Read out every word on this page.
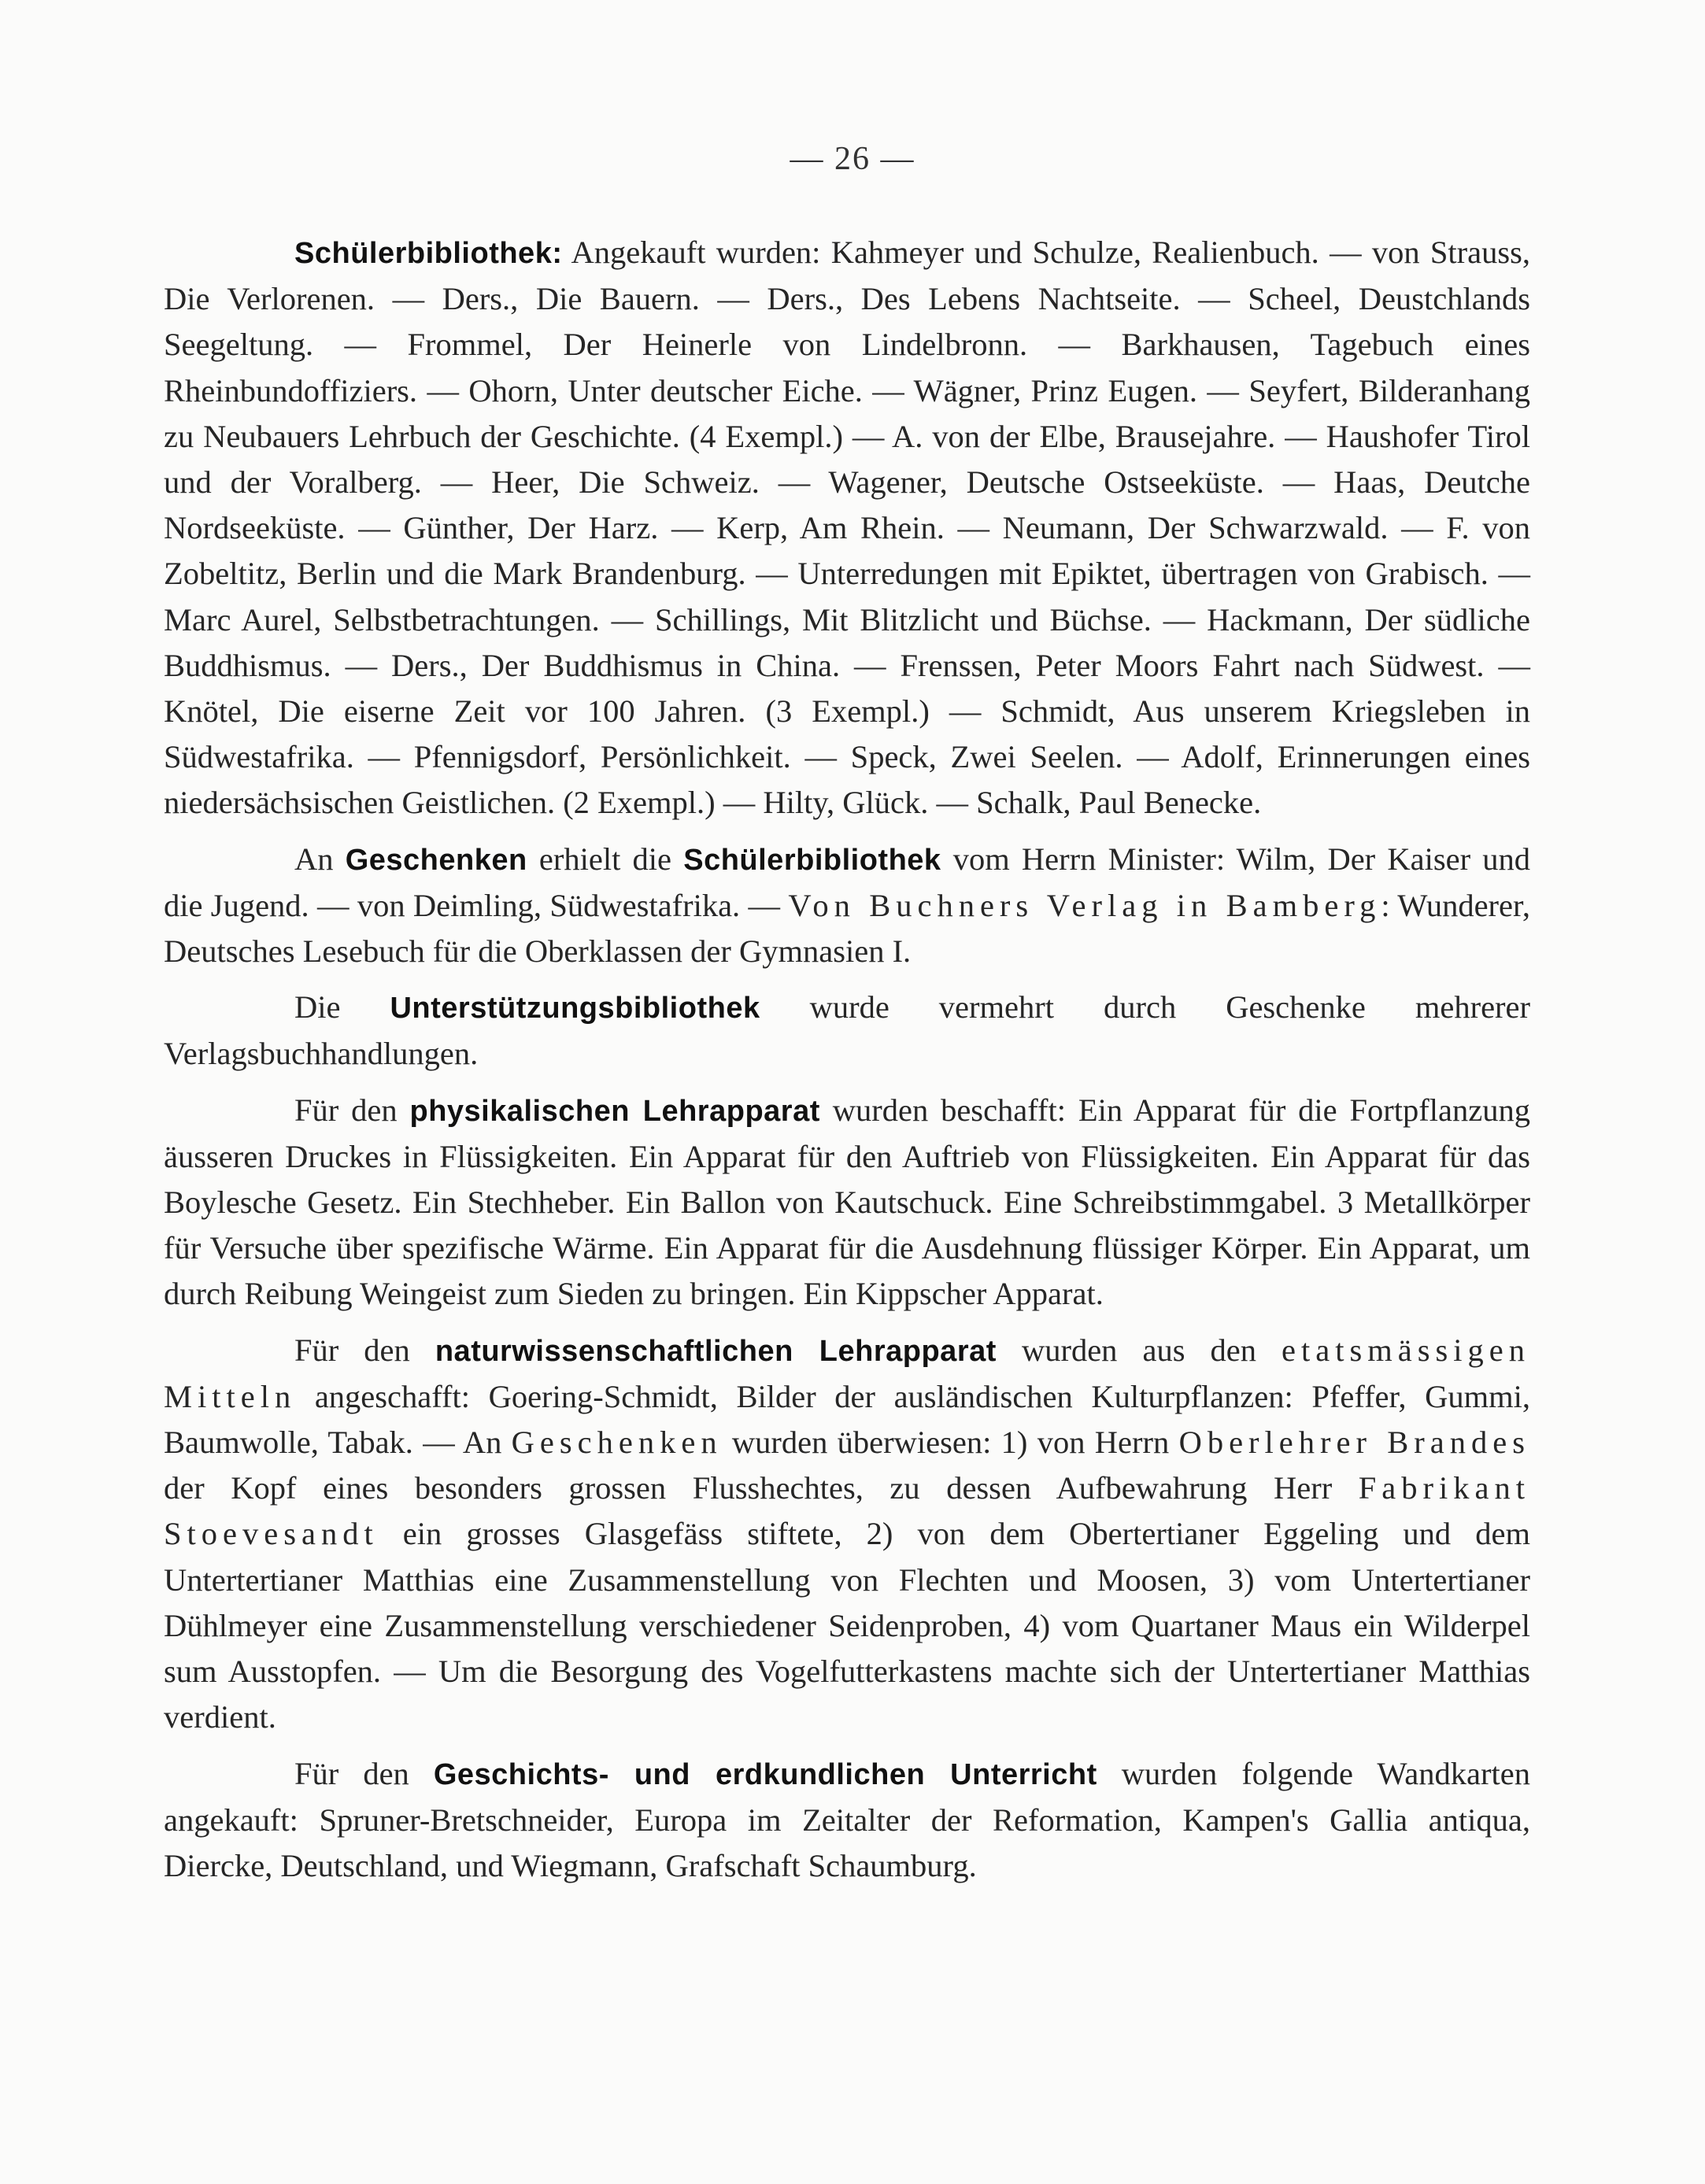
— 26 —

Schülerbibliothek: Angekauft wurden: Kahmeyer und Schulze, Realienbuch. — von Strauss, Die Verlorenen. — Ders., Die Bauern. — Ders., Des Lebens Nachtseite. — Scheel, Deustchlands Seegeltung. — Frommel, Der Heinerle von Lindelbronn. — Barkhausen, Tagebuch eines Rheinbundoffiziers. — Ohorn, Unter deutscher Eiche. — Wägner, Prinz Eugen. — Seyfert, Bilderanhang zu Neubauers Lehrbuch der Geschichte. (4 Exempl.) — A. von der Elbe, Brausejahre. — Haushofer Tirol und der Voralberg. — Heer, Die Schweiz. — Wagener, Deutsche Ostseeküste. — Haas, Deutche Nordseeküste. — Günther, Der Harz. — Kerp, Am Rhein. — Neumann, Der Schwarzwald. — F. von Zobeltitz, Berlin und die Mark Brandenburg. — Unterredungen mit Epiktet, übertragen von Grabisch. — Marc Aurel, Selbstbetrachtungen. — Schillings, Mit Blitzlicht und Büchse. — Hackmann, Der südliche Buddhismus. — Ders., Der Buddhismus in China. — Frenssen, Peter Moors Fahrt nach Südwest. — Knötel, Die eiserne Zeit vor 100 Jahren. (3 Exempl.) — Schmidt, Aus unserem Kriegsleben in Südwestafrika. — Pfennigsdorf, Persönlichkeit. — Speck, Zwei Seelen. — Adolf, Erinnerungen eines niedersächsischen Geistlichen. (2 Exempl.) — Hilty, Glück. — Schalk, Paul Benecke.

An Geschenken erhielt die Schülerbibliothek vom Herrn Minister: Wilm, Der Kaiser und die Jugend. — von Deimling, Südwestafrika. — Von Buchners Verlag in Bamberg: Wunderer, Deutsches Lesebuch für die Oberklassen der Gymnasien I.

Die Unterstützungsbibliothek wurde vermehrt durch Geschenke mehrerer Verlagsbuchhandlungen.

Für den physikalischen Lehrapparat wurden beschafft: Ein Apparat für die Fortpflanzung äusseren Druckes in Flüssigkeiten. Ein Apparat für den Auftrieb von Flüssigkeiten. Ein Apparat für das Boylesche Gesetz. Ein Stechheber. Ein Ballon von Kautschuck. Eine Schreibstimmgabel. 3 Metallkörper für Versuche über spezifische Wärme. Ein Apparat für die Ausdehnung flüssiger Körper. Ein Apparat, um durch Reibung Weingeist zum Sieden zu bringen. Ein Kippscher Apparat.

Für den naturwissenschaftlichen Lehrapparat wurden aus den etatsmässigen Mitteln angeschafft: Goering-Schmidt, Bilder der ausländischen Kulturpflanzen: Pfeffer, Gummi, Baumwolle, Tabak. — An Geschenken wurden überwiesen: 1) von Herrn Oberlehrer Brandes der Kopf eines besonders grossen Flusshechtes, zu dessen Aufbewahrung Herr Fabrikant Stoevesandt ein grosses Glasgefäss stiftete, 2) von dem Obertertianer Eggeling und dem Untertertianer Matthias eine Zusammenstellung von Flechten und Moosen, 3) vom Untertertianer Dühlmeyer eine Zusammenstellung verschiedener Seidenproben, 4) vom Quartaner Maus ein Wilderpel sum Ausstopfen. — Um die Besorgung des Vogelfutterkastens machte sich der Untertertianer Matthias verdient.

Für den Geschichts- und erdkundlichen Unterricht wurden folgende Wandkarten angekauft: Spruner-Bretschneider, Europa im Zeitalter der Reformation, Kampen's Gallia antiqua, Diercke, Deutschland, und Wiegmann, Grafschaft Schaumburg.
